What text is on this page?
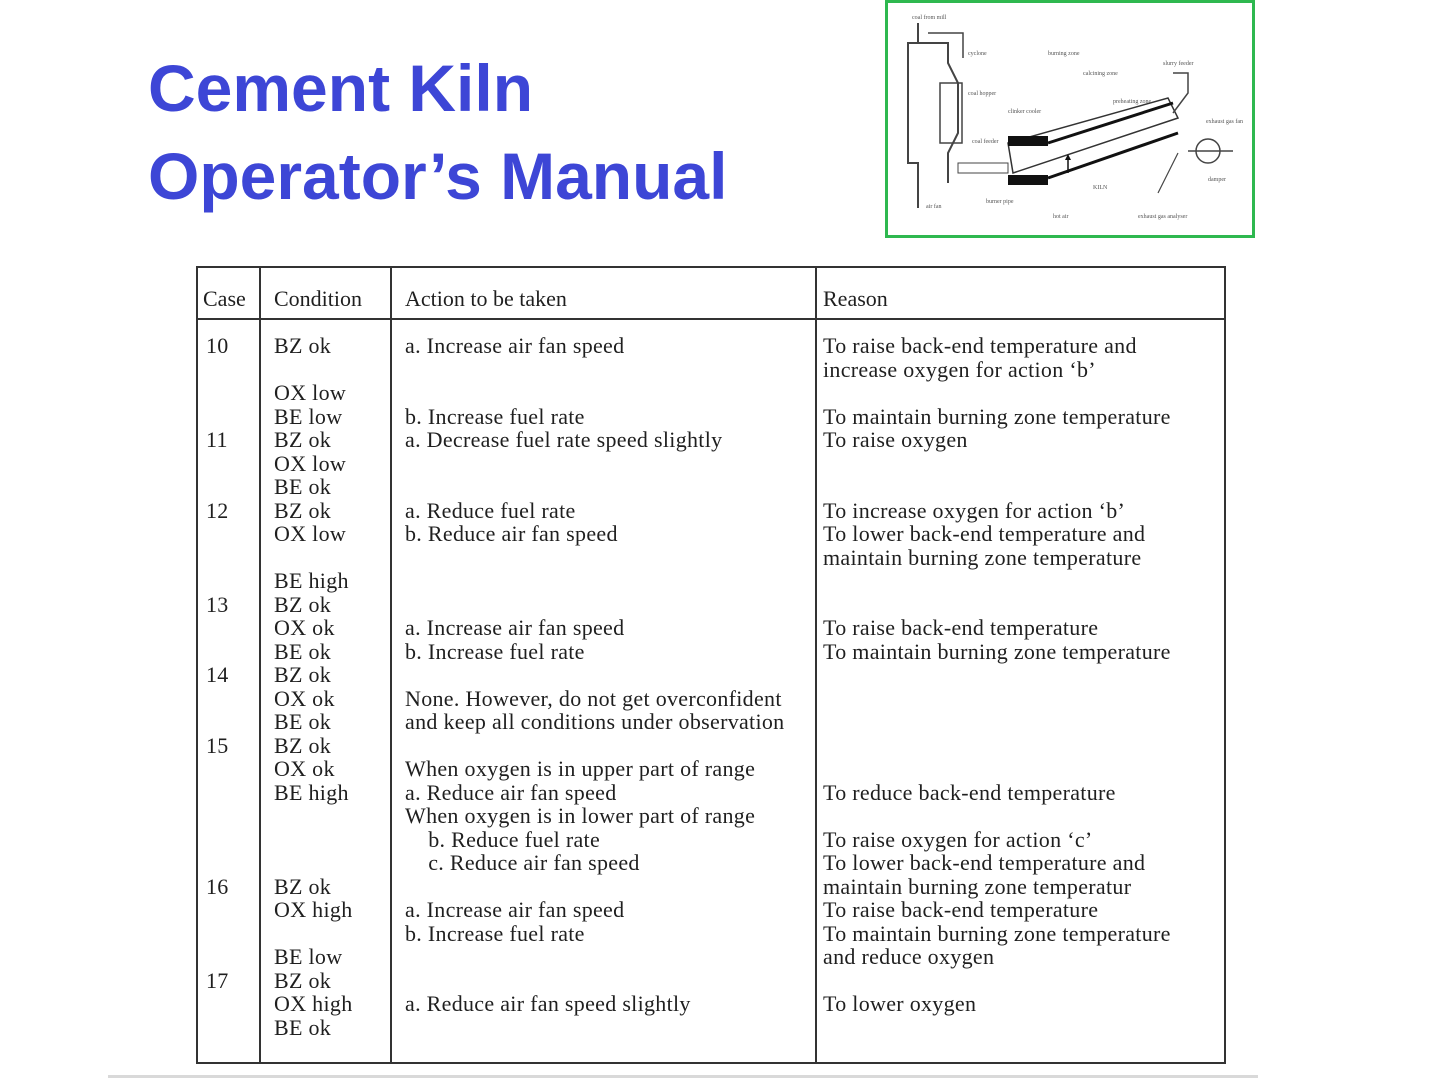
Cement Kiln
Operator’s Manual
coal from mill
cyclone
coal hopper
burning zone
calcining zone
slurry feeder
clinker cooler
preheating zone
coal feeder
exhaust gas fan
damper
KILN
air fan
burner pipe
hot air	exhaust gas analyser
Case Condition Action to be taken	Reason
10

11

12

13

14

15

16

17
BZ ok

OX low
BE low
BZ ok
OX low
BE ok
BZ ok
OX low

BE high
BZ ok
OX ok
BE ok
BZ ok
OX ok
BE ok
BZ ok
OX ok
BE high

BZ ok
OX high

BE low
BZ ok
OX high
BE ok
a. Increase air fan speed

b. Increase fuel rate
a. Decrease fuel rate speed slightly

a. Reduce fuel rate
b. Reduce air fan speed

a. Increase air fan speed
b. Increase fuel rate

None. However, do not get overconfident
and keep all conditions under observation

When oxygen is in upper part of range
a. Reduce air fan speed
When oxygen is in lower part of range
b. Reduce fuel rate
c. Reduce air fan speed

a. Increase air fan speed
b. Increase fuel rate

a. Reduce air fan speed slightly
To raise back-end temperature and
increase oxygen for action ‘b’

To maintain burning zone temperature
To raise oxygen

To increase oxygen for action ‘b’
To lower back-end temperature and
maintain burning zone temperature

To raise back-end temperature
To maintain burning zone temperature

To reduce back-end temperature

To raise oxygen for action ‘c’
To lower back-end temperature and
maintain burning zone temperatur
To raise back-end temperature
To maintain burning zone temperature
and reduce oxygen

To lower oxygen
